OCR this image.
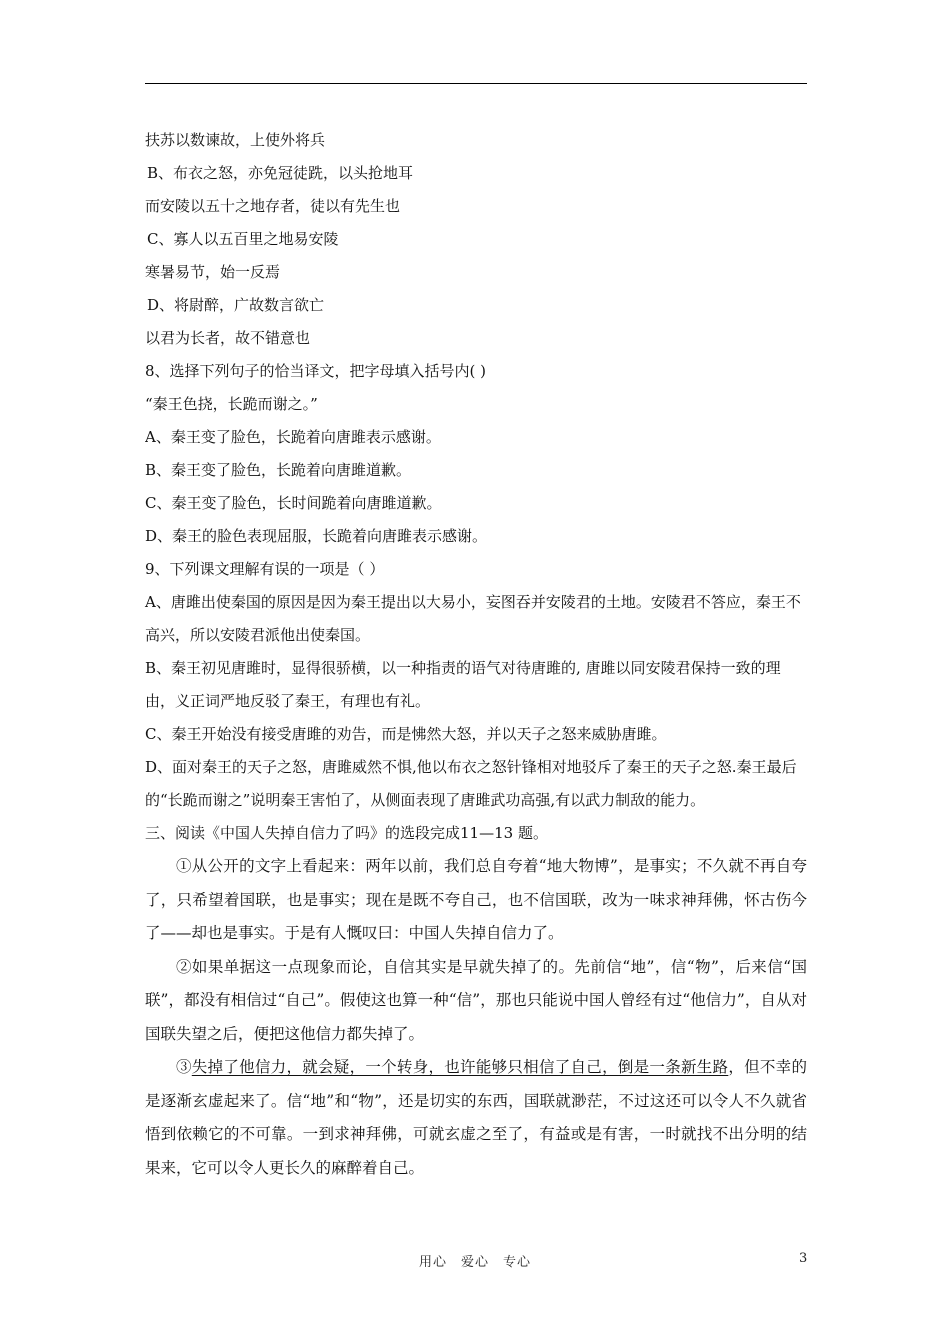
扶苏以数谏故，上使外将兵
B、布衣之怒，亦免冠徒跣，以头抢地耳
而安陵以五十之地存者，徒以有先生也
C、寡人以五百里之地易安陵
寒暑易节，始一反焉
D、将尉醉，广故数言欲亡
以君为长者，故不错意也
8、选择下列句子的恰当译文，把字母填入括号内( )
“秦王色挠，长跪而谢之。”
A、秦王变了脸色，长跪着向唐雎表示感谢。
B、秦王变了脸色，长跪着向唐雎道歉。
C、秦王变了脸色，长时间跪着向唐雎道歉。
D、秦王的脸色表现屈服，长跪着向唐雎表示感谢。
9、下列课文理解有误的一项是（ ）
A、唐雎出使秦国的原因是因为秦王提出以大易小，妄图吞并安陵君的土地。安陵君不答应，秦王不高兴，所以安陵君派他出使秦国。
B、秦王初见唐雎时，显得很骄横，以一种指责的语气对待唐雎的, 唐雎以同安陵君保持一致的理由，义正词严地反驳了秦王，有理也有礼。
C、秦王开始没有接受唐雎的劝告，而是怫然大怒，并以天子之怒来威胁唐雎。
D、面对秦王的天子之怒，唐雎威然不惧,他以布衣之怒针锋相对地驳斥了秦王的天子之怒.秦王最后的“长跪而谢之”说明秦王害怕了，从侧面表现了唐雎武功高强,有以武力制敌的能力。
三、阅读《中国人失掉自信力了吗》的选段完成11—13 题。

①从公开的文字上看起来：两年以前，我们总自夸着“地大物博”，是事实；不久就不再自夸了，只希望着国联，也是事实；现在是既不夸自己，也不信国联，改为一味求神拜佛，怀古伤今了——却也是事实。于是有人慨叹曰：中国人失掉自信力了。

②如果单据这一点现象而论，自信其实是早就失掉了的。先前信“地”，信“物”，后来信“国联”，都没有相信过“自己”。假使这也算一种“信”，那也只能说中国人曾经有过“他信力”，自从对国联失望之后，便把这他信力都失掉了。

③失掉了他信力，就会疑，一个转身，也许能够只相信了自己，倒是一条新生路，但不幸的是逐渐玄虚起来了。信“地”和“物”，还是切实的东西，国联就渺茫，不过这还可以令人不久就省悟到依赖它的不可靠。一到求神拜佛，可就玄虚之至了，有益或是有害，一时就找不出分明的结果来，它可以令人更长久的麻醉着自己。

用心　爱心　专心	3
